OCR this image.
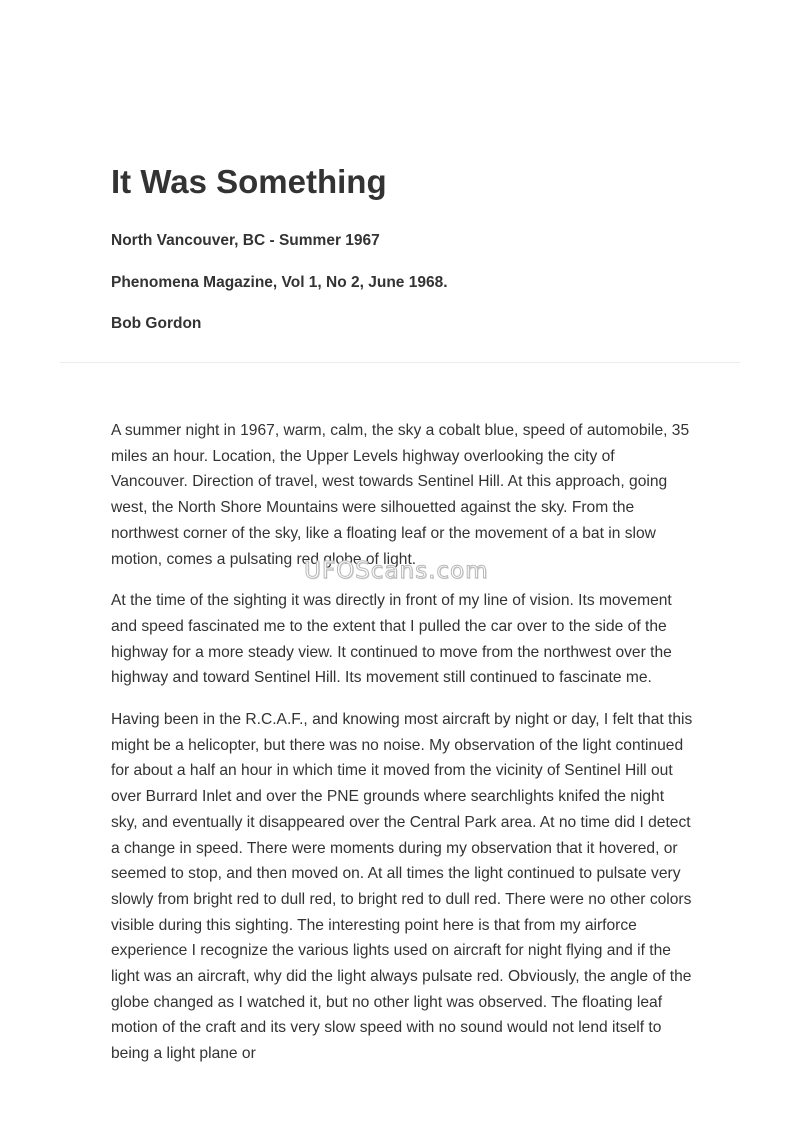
It Was Something
North Vancouver, BC - Summer 1967
Phenomena Magazine, Vol 1, No 2, June 1968.
Bob Gordon

A summer night in 1967, warm, calm, the sky a cobalt blue, speed of automobile, 35 miles an hour. Location, the Upper Levels highway overlooking the city of Vancouver. Direction of travel, west towards Sentinel Hill. At this approach, going west, the North Shore Mountains were silhouetted against the sky. From the northwest corner of the sky, like a floating leaf or the movement of a bat in slow motion, comes a pulsating red globe of light.

At the time of the sighting it was directly in front of my line of vision. Its movement and speed fascinated me to the extent that I pulled the car over to the side of the highway for a more steady view. It continued to move from the northwest over the highway and toward Sentinel Hill. Its movement still continued to fascinate me.

Having been in the R.C.A.F., and knowing most aircraft by night or day, I felt that this might be a helicopter, but there was no noise. My observation of the light continued for about a half an hour in which time it moved from the vicinity of Sentinel Hill out over Burrard Inlet and over the PNE grounds where searchlights knifed the night sky, and eventually it disappeared over the Central Park area. At no time did I detect a change in speed. There were moments during my observation that it hovered, or seemed to stop, and then moved on. At all times the light continued to pulsate very slowly from bright red to dull red, to bright red to dull red. There were no other colors visible during this sighting. The interesting point here is that from my airforce experience I recognize the various lights used on aircraft for night flying and if the light was an aircraft, why did the light always pulsate red. Obviously, the angle of the globe changed as I watched it, but no other light was observed. The floating leaf motion of the craft and its very slow speed with no sound would not lend itself to being a light plane or

UFOScans.com
